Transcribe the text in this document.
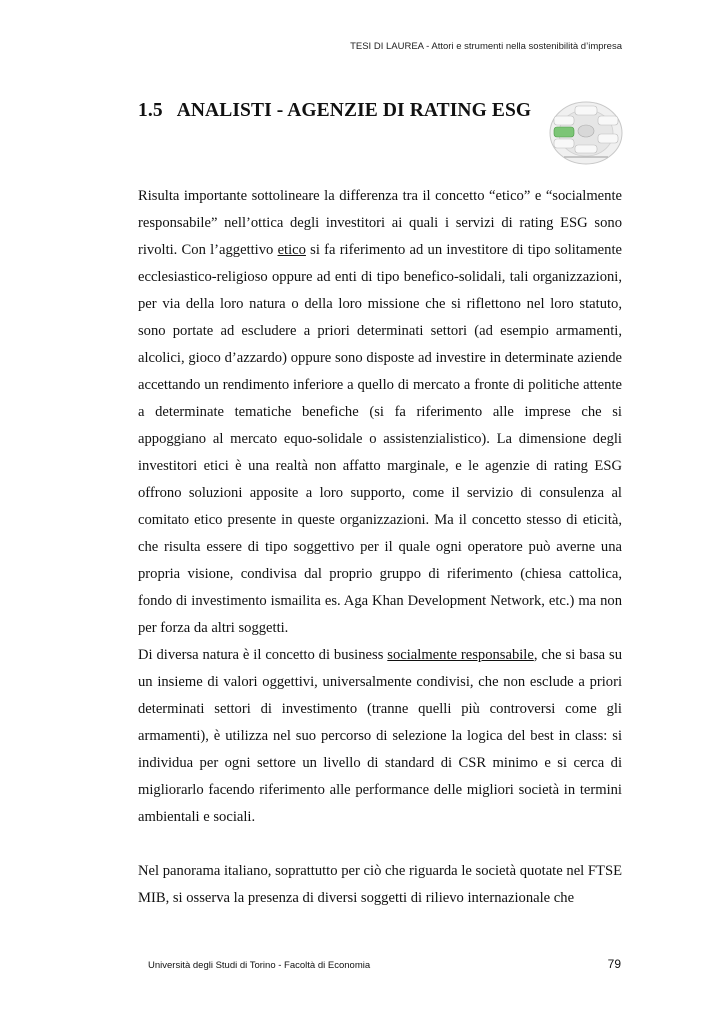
TESI DI LAUREA - Attori e strumenti nella sostenibilità d’impresa
1.5 ANALISTI - AGENZIE DI RATING ESG

Risulta importante sottolineare la differenza tra il concetto “etico” e “socialmente responsabile” nell’ottica degli investitori ai quali i servizi di rating ESG sono rivolti. Con l’aggettivo etico si fa riferimento ad un investitore di tipo solitamente ecclesiastico-religioso oppure ad enti di tipo benefico-solidali, tali organizzazioni, per via della loro natura o della loro missione che si riflettono nel loro statuto, sono portate ad escludere a priori determinati settori (ad esempio armamenti, alcolici, gioco d’azzardo) oppure sono disposte ad investire in determinate aziende accettando un rendimento inferiore a quello di mercato a fronte di politiche attente a determinate tematiche benefiche (si fa riferimento alle imprese che si appoggiano al mercato equo-solidale o assistenzialistico). La dimensione degli investitori etici è una realtà non affatto marginale, e le agenzie di rating ESG offrono soluzioni apposite a loro supporto, come il servizio di consulenza al comitato etico presente in queste organizzazioni. Ma il concetto stesso di eticità, che risulta essere di tipo soggettivo per il quale ogni operatore può averne una propria visione, condivisa dal proprio gruppo di riferimento (chiesa cattolica, fondo di investimento ismailita es. Aga Khan Development Network, etc.) ma non per forza da altri soggetti.

Di diversa natura è il concetto di business socialmente responsabile, che si basa su un insieme di valori oggettivi, universalmente condivisi, che non esclude a priori determinati settori di investimento (tranne quelli più controversi come gli armamenti), è utilizza nel suo percorso di selezione la logica del best in class: si individua per ogni settore un livello di standard di CSR minimo e si cerca di migliorarlo facendo riferimento alle performance delle migliori società in termini ambientali e sociali.

Nel panorama italiano, soprattutto per ciò che riguarda le società quotate nel FTSE MIB, si osserva la presenza di diversi soggetti di rilievo internazionale che

Università degli Studi di Torino - Facoltà di Economia	79
